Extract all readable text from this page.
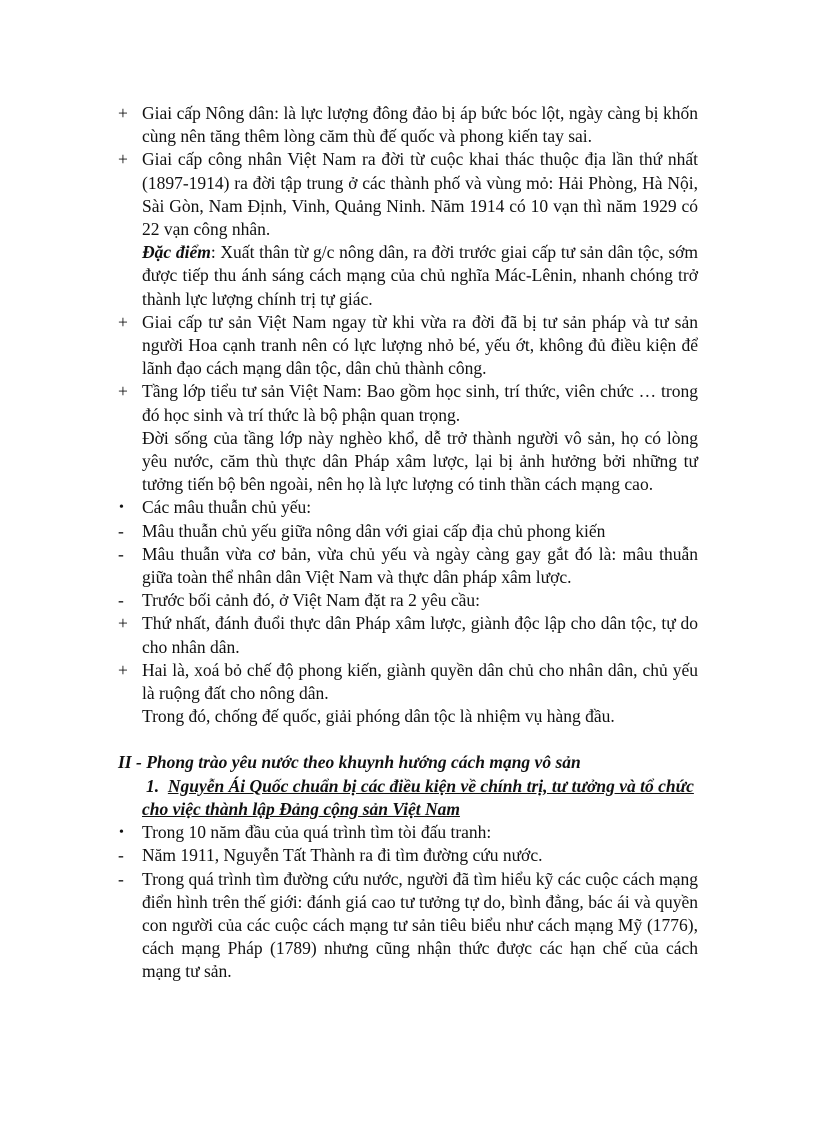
+ Giai cấp Nông dân: là lực lượng đông đảo bị áp bức bóc lột, ngày càng bị khốn cùng nên tăng thêm lòng căm thù đế quốc và phong kiến tay sai.
+ Giai cấp công nhân Việt Nam ra đời từ cuộc khai thác thuộc địa lần thứ nhất (1897-1914) ra đời tập trung ở các thành phố và vùng mỏ: Hải Phòng, Hà Nội, Sài Gòn, Nam Định, Vinh, Quảng Ninh. Năm 1914 có 10 vạn thì năm 1929 có 22 vạn công nhân.
Đặc điểm: Xuất thân từ g/c nông dân, ra đời trước giai cấp tư sản dân tộc, sớm được tiếp thu ánh sáng cách mạng của chủ nghĩa Mác-Lênin, nhanh chóng trở thành lực lượng chính trị tự giác.
+ Giai cấp tư sản Việt Nam ngay từ khi vừa ra đời đã bị tư sản pháp và tư sản người Hoa cạnh tranh nên có lực lượng nhỏ bé, yếu ớt, không đủ điều kiện để lãnh đạo cách mạng dân tộc, dân chủ thành công.
+ Tầng lớp tiểu tư sản Việt Nam: Bao gồm học sinh, trí thức, viên chức … trong đó học sinh và trí thức là bộ phận quan trọng.
Đời sống của tầng lớp này nghèo khổ, dễ trở thành người vô sản, họ có lòng yêu nước, căm thù thực dân Pháp xâm lược, lại bị ảnh hưởng bởi những tư tưởng tiến bộ bên ngoài, nên họ là lực lượng có tinh thần cách mạng cao.
•	Các mâu thuẫn chủ yếu:
-	Mâu thuẫn chủ yếu giữa nông dân với giai cấp địa chủ phong kiến
-	Mâu thuẫn vừa cơ bản, vừa chủ yếu và ngày càng gay gắt đó là: mâu thuẫn giữa toàn thể nhân dân Việt Nam và thực dân pháp xâm lược.
-	Trước bối cảnh đó, ở Việt Nam đặt ra 2 yêu cầu:
+ Thứ nhất, đánh đuổi thực dân Pháp xâm lược, giành độc lập cho dân tộc, tự do cho nhân dân.
+ Hai là, xoá bỏ chế độ phong kiến, giành quyền dân chủ cho nhân dân, chủ yếu là ruộng đất cho nông dân.
Trong đó, chống đế quốc, giải phóng dân tộc là nhiệm vụ hàng đầu.
II - Phong trào yêu nước theo khuynh hướng cách mạng vô sản
1. Nguyễn Ái Quốc chuẩn bị các điều kiện về chính trị, tư tưởng và tổ chức cho việc thành lập Đảng cộng sản Việt Nam
•	Trong 10 năm đầu của quá trình tìm tòi đấu tranh:
-	Năm 1911, Nguyễn Tất Thành ra đi tìm đường cứu nước.
-	Trong quá trình tìm đường cứu nước, người đã tìm hiểu kỹ các cuộc cách mạng điển hình trên thế giới: đánh giá cao tư tưởng tự do, bình đẳng, bác ái và quyền con người của các cuộc cách mạng tư sản tiêu biểu như cách mạng Mỹ (1776), cách mạng Pháp (1789) nhưng cũng nhận thức được các hạn chế của cách mạng tư sản.
